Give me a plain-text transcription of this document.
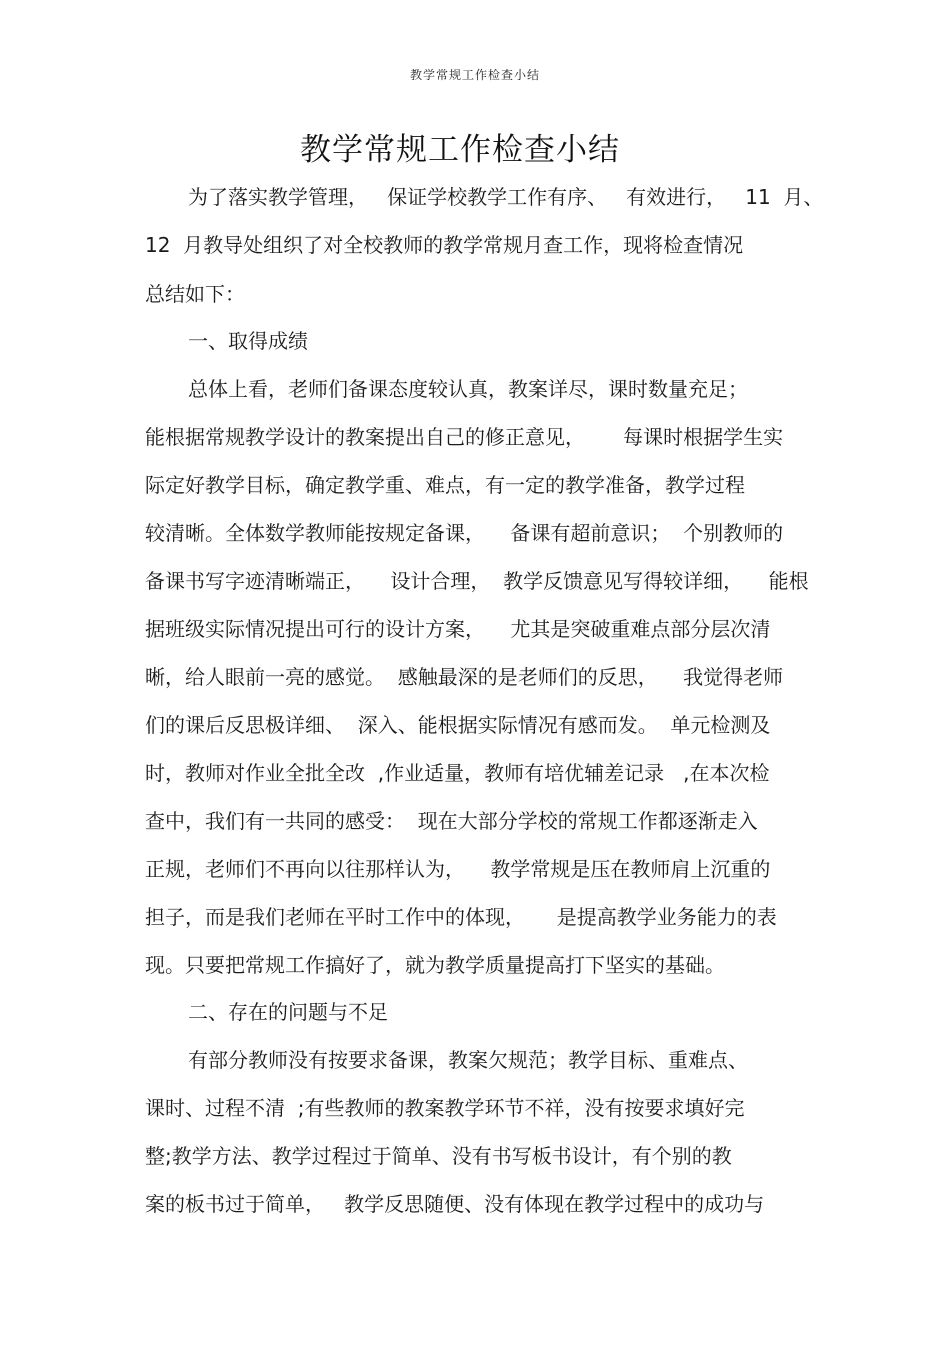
教学常规工作检查小结
教学常规工作检查小结
为了落实教学管理，   保证学校教学工作有序、   有效进行，   11  月、
12  月教导处组织了对全校教师的教学常规月查工作，现将检查情况
总结如下：
一、取得成绩
总体上看，老师们备课态度较认真，教案详尽，课时数量充足；
能根据常规教学设计的教案提出自己的修正意见，      每课时根据学生实
际定好教学目标，确定教学重、难点，有一定的教学准备，教学过程
较清晰。全体数学教师能按规定备课，    备课有超前意识；  个别教师的
备课书写字迹清晰端正，    设计合理，  教学反馈意见写得较详细，    能根
据班级实际情况提出可行的设计方案，    尤其是突破重难点部分层次清
晰，给人眼前一亮的感觉。  感触最深的是老师们的反思，    我觉得老师
们的课后反思极详细、  深入、能根据实际情况有感而发。  单元检测及
时，教师对作业全批全改  ,作业适量，教师有培优辅差记录   ,在本次检
查中，我们有一共同的感受：  现在大部分学校的常规工作都逐渐走入
正规，老师们不再向以往那样认为，    教学常规是压在教师肩上沉重的
担子，而是我们老师在平时工作中的体现，     是提高教学业务能力的表
现。只要把常规工作搞好了，就为教学质量提高打下坚实的基础。
二、存在的问题与不足
有部分教师没有按要求备课，教案欠规范；教学目标、重难点、
课时、过程不清  ;有些教师的教案教学环节不祥，没有按要求填好完
整;教学方法、教学过程过于简单、没有书写板书设计，有个别的教
案的板书过于简单，   教学反思随便、没有体现在教学过程中的成功与
